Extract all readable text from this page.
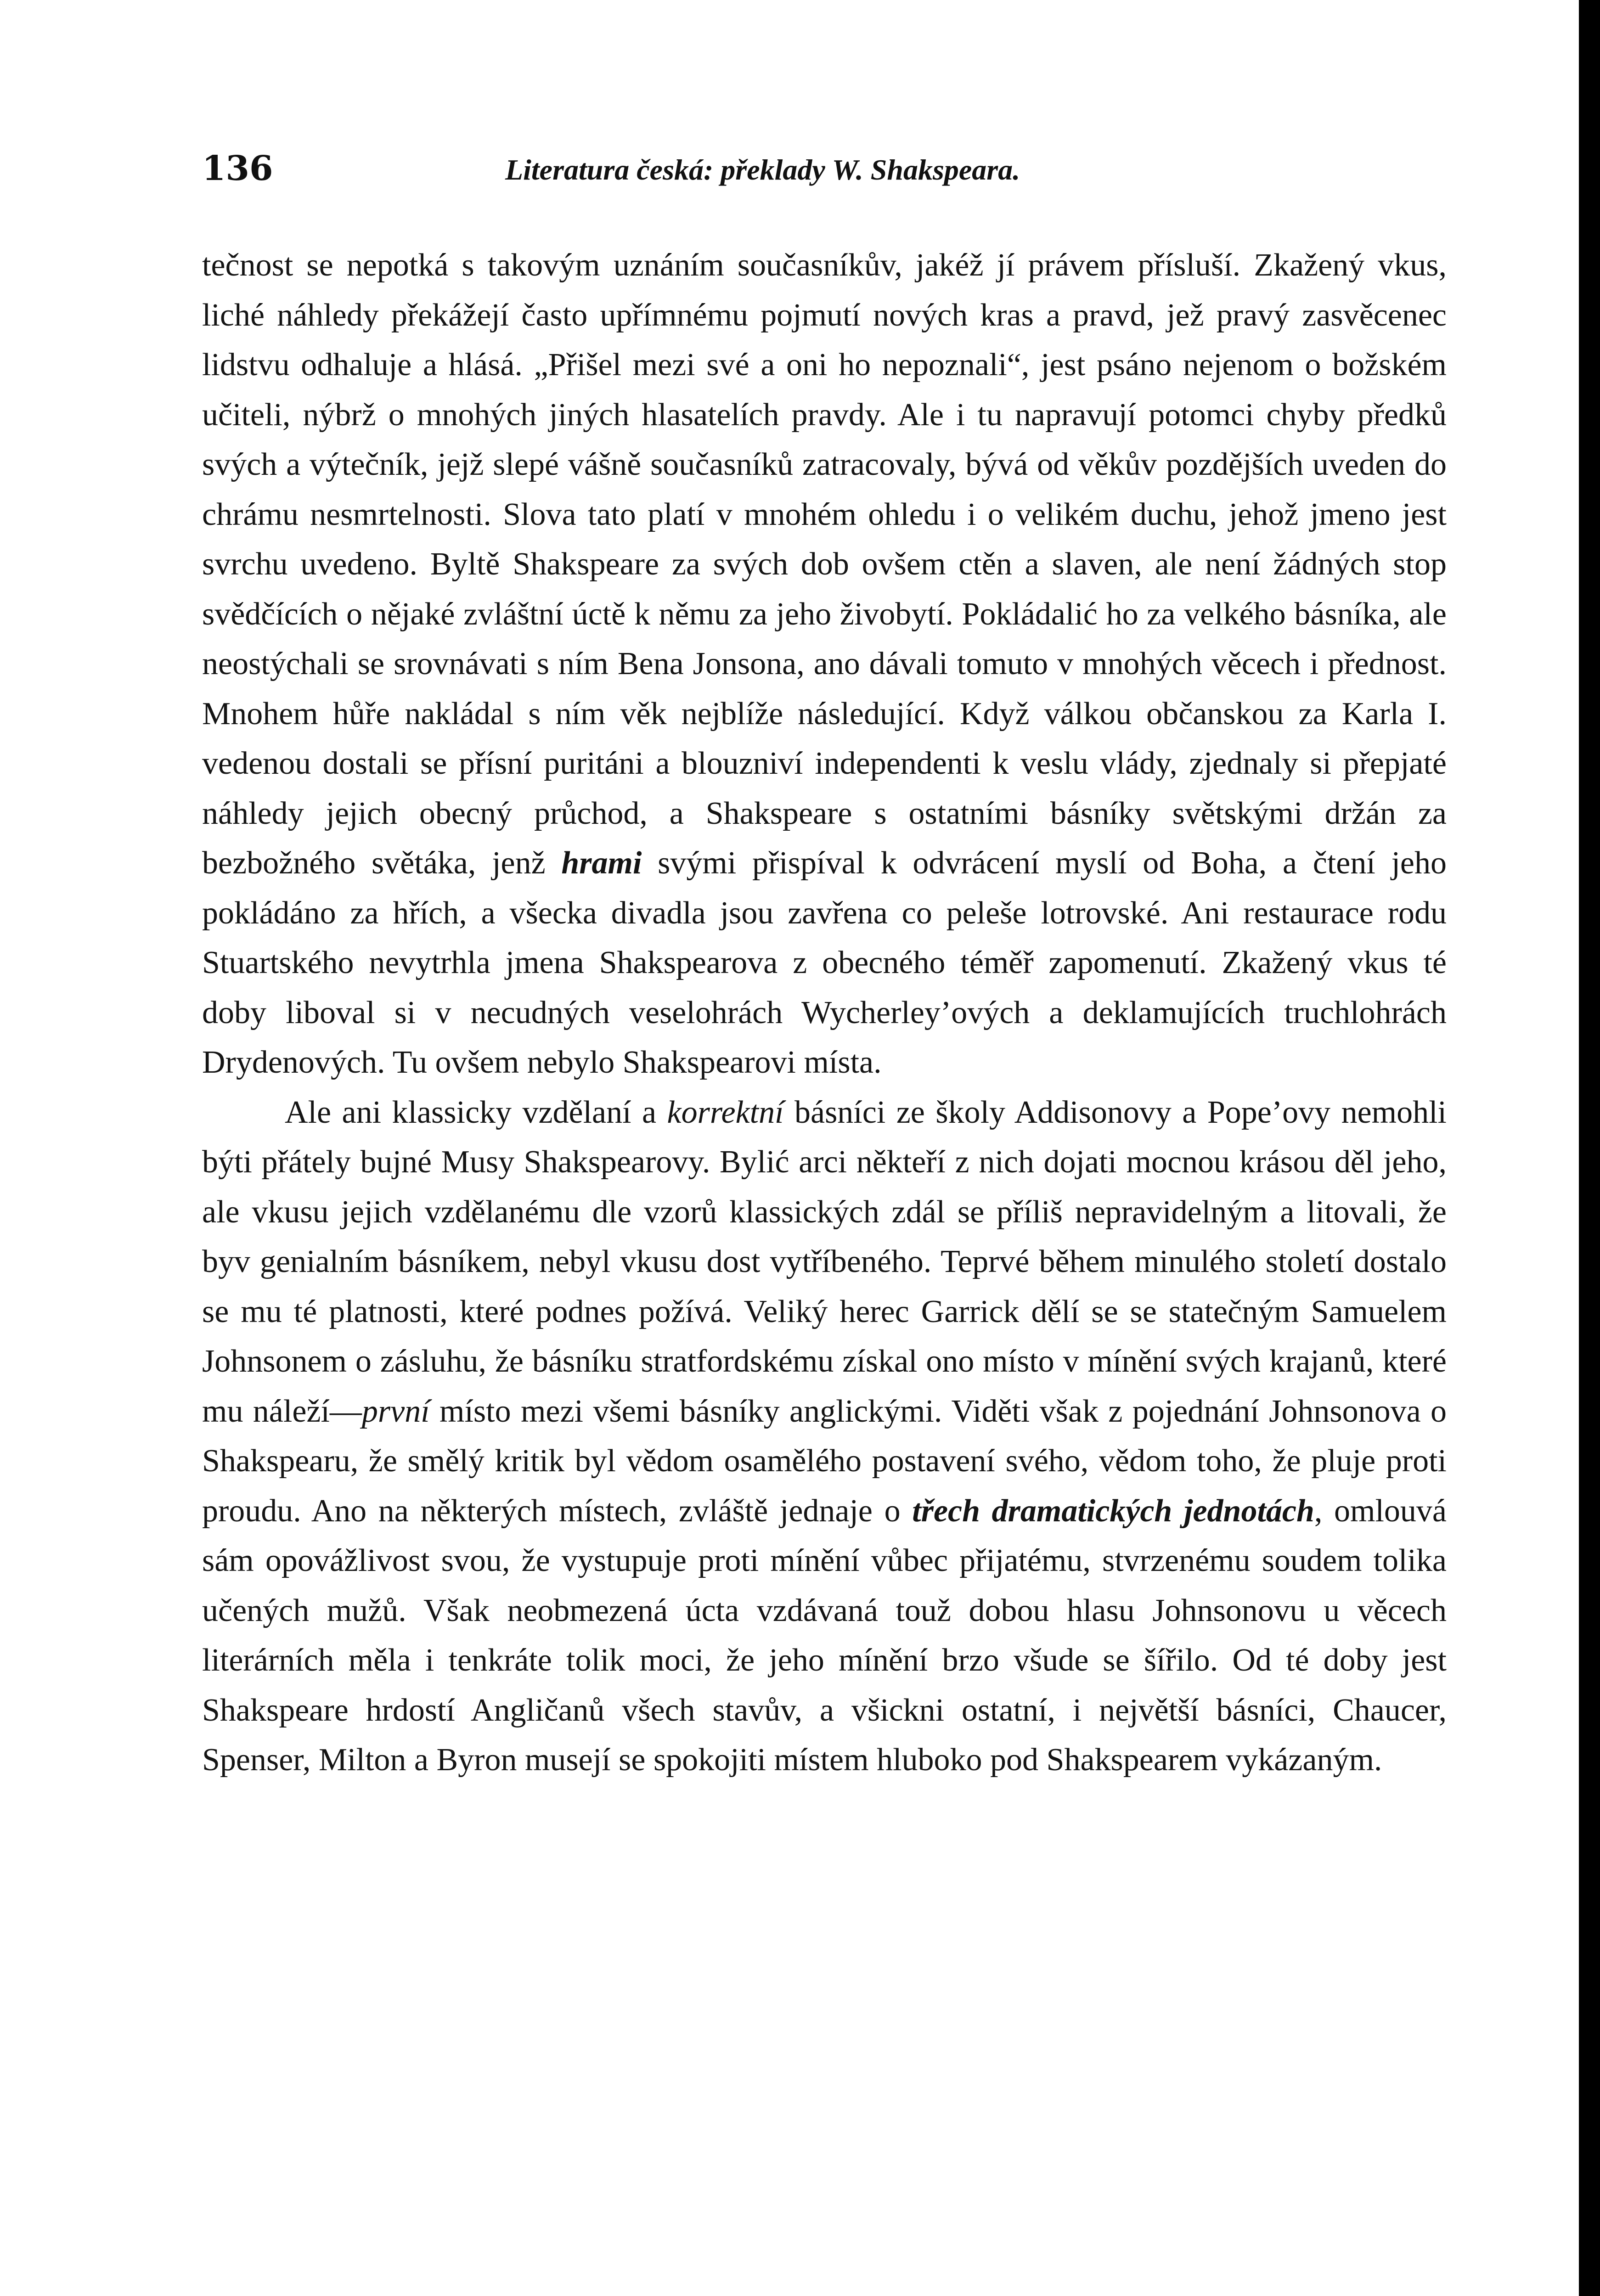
136	Literatura česká: překlady W. Shakspeara.

tečnost se nepotká s takovým uznáním současníkův, jakéž jí právem přísluší. Zkažený vkus, liché náhledy překážejí často upřímnému pojmutí nových kras a pravd, jež pravý zasvěcenec lidstvu odhaluje a hlásá. „Přišel mezi své a oni ho nepoznali“, jest psáno nejenom o božském učiteli, nýbrž o mnohých jiných hlasatelích pravdy. Ale i tu napravují potomci chyby předků svých a výtečník, jejž slepé vášně současníků zatracovaly, bývá od věkův pozdějších uveden do chrámu nesmrtelnosti. Slova tato platí v mnohém ohledu i o velikém duchu, jehož jmeno jest svrchu uvedeno. Byltě Shakspeare za svých dob ovšem ctěn a slaven, ale není žádných stop svědčících o nějaké zvláštní úctě k němu za jeho živobytí. Pokládalić ho za velkého básníka, ale neostýchali se srovnávati s ním Bena Jonsona, ano dávali tomuto v mnohých věcech i přednost. Mnohem hůře nakládal s ním věk nejblíže následující. Když válkou občanskou za Karla I. vedenou dostali se přísní puritáni a blouzniví independenti k veslu vlády, zjednaly si přepjaté náhledy jejich obecný průchod, a Shakspeare s ostatními básníky světskými držán za bezbožného světáka, jenž hrami svými přispíval k odvrácení myslí od Boha, a čtení jeho pokládáno za hřích, a všecka divadla jsou zavřena co peleše lotrovské. Ani restaurace rodu Stuartského nevytrhla jmena Shakspearova z obecného téměř zapomenutí. Zkažený vkus té doby liboval si v necudných veselohrách Wycherley’ových a deklamujících truchlohrách Drydenových. Tu ovšem nebylo Shakspearovi místa.

Ale ani klassicky vzdělaní a korrektní básníci ze školy Addisonovy a Pope’ovy nemohli býti přátely bujné Musy Shakspearovy. Bylić arci někteří z nich dojati mocnou krásou děl jeho, ale vkusu jejich vzdělanému dle vzorů klassických zdál se příliš nepravidelným a litovali, že byv genialním básníkem, nebyl vkusu dost vytříbeného. Teprvé během minulého století dostalo se mu té platnosti, které podnes požívá. Veliký herec Garrick dělí se se statečným Samuelem Johnsonem o zásluhu, že básníku stratfordskému získal ono místo v mínění svých krajanů, které mu náleží—první místo mezi všemi básníky anglickými. Viděti však z pojednání Johnsonova o Shakspearu, že smělý kritik byl vědom osamělého postavení svého, vědom toho, že pluje proti proudu. Ano na některých místech, zvláště jednaje o třech dramatických jednotách, omlouvá sám opovážlivost svou, že vystupuje proti mínění vůbec přijatému, stvrzenému soudem tolika učených mužů. Však neobmezená úcta vzdávaná touž dobou hlasu Johnsonovu u věcech literárních měla i tenkráte tolik moci, že jeho mínění brzo všude se šířilo. Od té doby jest Shakspeare hrdostí Angličanů všech stavův, a všickni ostatní, i největší básníci, Chaucer, Spenser, Milton a Byron musejí se spokojiti místem hluboko pod Shakspearem vykázaným.
